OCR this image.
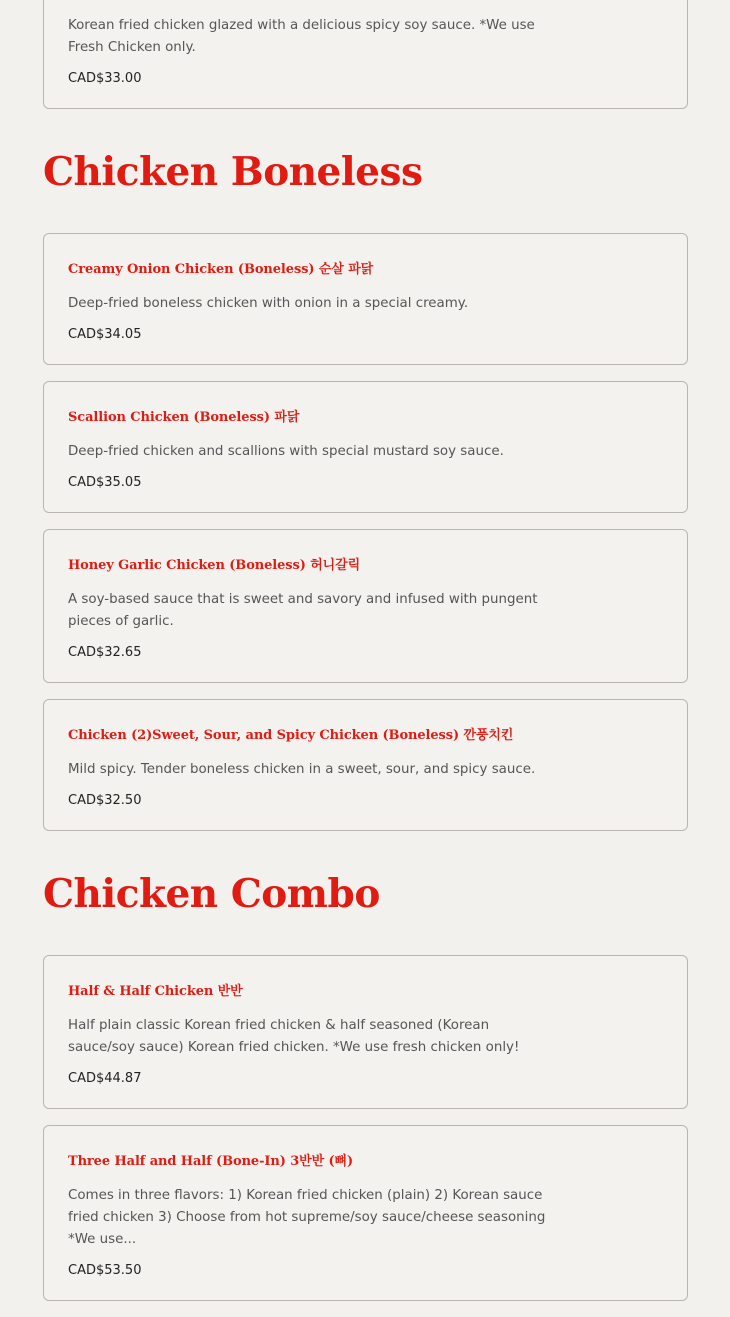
Korean fried chicken glazed with a delicious spicy soy sauce. *We use Fresh Chicken only.

CAD$33.00

Chicken Boneless

Creamy Onion Chicken (Boneless) 순살 파닭

Deep-fried boneless chicken with onion in a special creamy.

CAD$34.05

Scallion Chicken (Boneless) 파닭

Deep-fried chicken and scallions with special mustard soy sauce.

CAD$35.05

Honey Garlic Chicken (Boneless) 허니갈릭

A soy-based sauce that is sweet and savory and infused with pungent pieces of garlic.

CAD$32.65

Chicken (2)Sweet, Sour, and Spicy Chicken (Boneless) 깐풍치킨

Mild spicy. Tender boneless chicken in a sweet, sour, and spicy sauce.

CAD$32.50

Chicken Combo

Half & Half Chicken 반반

Half plain classic Korean fried chicken & half seasoned (Korean sauce/soy sauce) Korean fried chicken. *We use fresh chicken only!

CAD$44.87

Three Half and Half (Bone-In) 3반반 (뼈)

Comes in three flavors: 1) Korean fried chicken (plain) 2) Korean sauce fried chicken 3) Choose from hot supreme/soy sauce/cheese seasoning *We use...

CAD$53.50
